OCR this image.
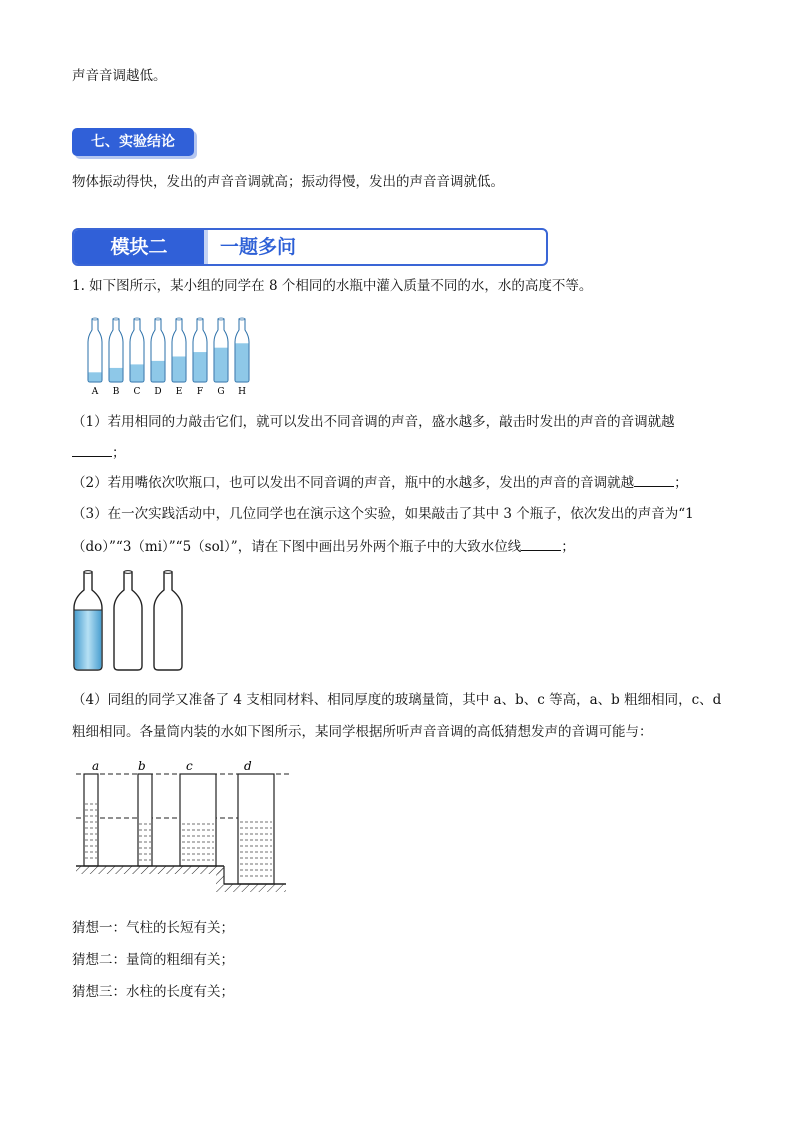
声音音调越低。
七、实验结论
物体振动得快，发出的声音音调就高；振动得慢，发出的声音音调就低。
模块二	一题多问
1. 如下图所示，某小组的同学在 8 个相同的水瓶中灌入质量不同的水，水的高度不等。
A B C D E F G H
（1）若用相同的力敲击它们，就可以发出不同音调的声音，盛水越多，敲击时发出的声音的音调就越
；
（2）若用嘴依次吹瓶口，也可以发出不同音调的声音，瓶中的水越多，发出的声音的音调就越	；
（3）在一次实践活动中，几位同学也在演示这个实验，如果敲击了其中 3 个瓶子，依次发出的声音为“1
（do）”“3（mi）”“5（sol）”，请在下图中画出另外两个瓶子中的大致水位线	；
（4）同组的同学又准备了 4 支相同材料、相同厚度的玻璃量筒，其中 a、b、c 等高，a、b 粗细相同，c、d
粗细相同。各量筒内装的水如下图所示，某同学根据所听声音音调的高低猜想发声的音调可能与：
a	b	c	d
猜想一：气柱的长短有关；
猜想二：量筒的粗细有关；
猜想三：水柱的长度有关；
